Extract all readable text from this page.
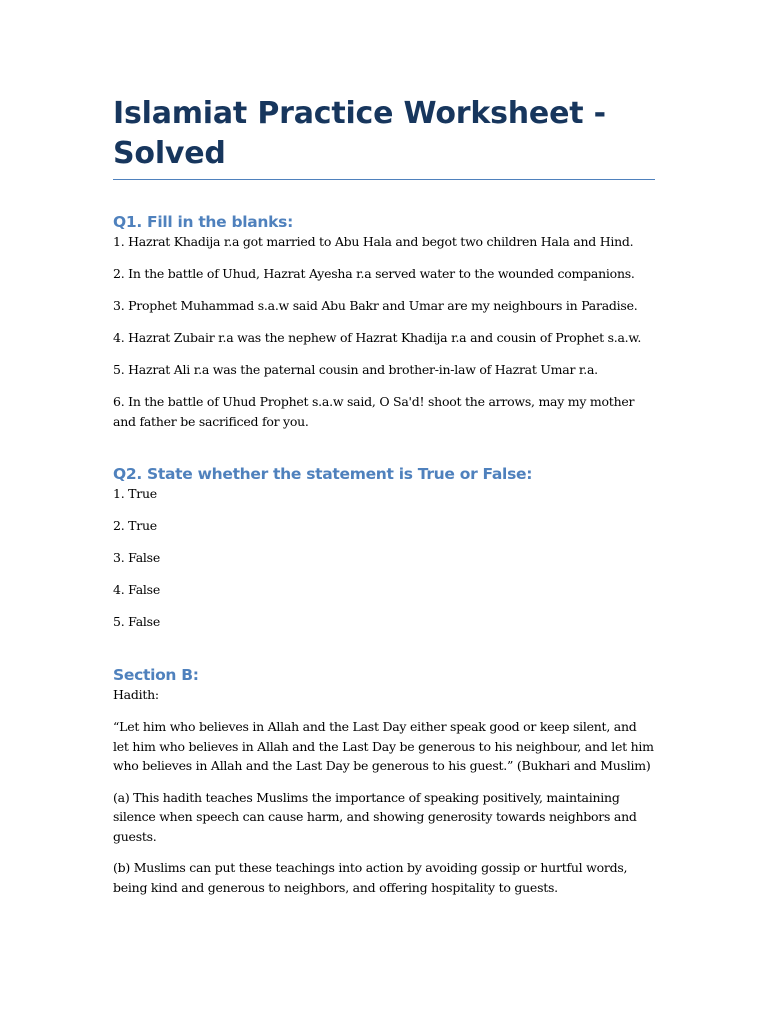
Islamiat Practice Worksheet - Solved
Q1. Fill in the blanks:

1. Hazrat Khadija r.a got married to Abu Hala and begot two children Hala and Hind.

2. In the battle of Uhud, Hazrat Ayesha r.a served water to the wounded companions.

3. Prophet Muhammad s.a.w said Abu Bakr and Umar are my neighbours in Paradise.

4. Hazrat Zubair r.a was the nephew of Hazrat Khadija r.a and cousin of Prophet s.a.w.

5. Hazrat Ali r.a was the paternal cousin and brother-in-law of Hazrat Umar r.a.

6. In the battle of Uhud Prophet s.a.w said, O Sa'd! shoot the arrows, may my mother and father be sacrificed for you.

Q2. State whether the statement is True or False:

1. True

2. True

3. False

4. False

5. False

Section B:

Hadith:

“Let him who believes in Allah and the Last Day either speak good or keep silent, and let him who believes in Allah and the Last Day be generous to his neighbour, and let him who believes in Allah and the Last Day be generous to his guest.” (Bukhari and Muslim)

(a) This hadith teaches Muslims the importance of speaking positively, maintaining silence when speech can cause harm, and showing generosity towards neighbors and guests.

(b) Muslims can put these teachings into action by avoiding gossip or hurtful words, being kind and generous to neighbors, and offering hospitality to guests.
